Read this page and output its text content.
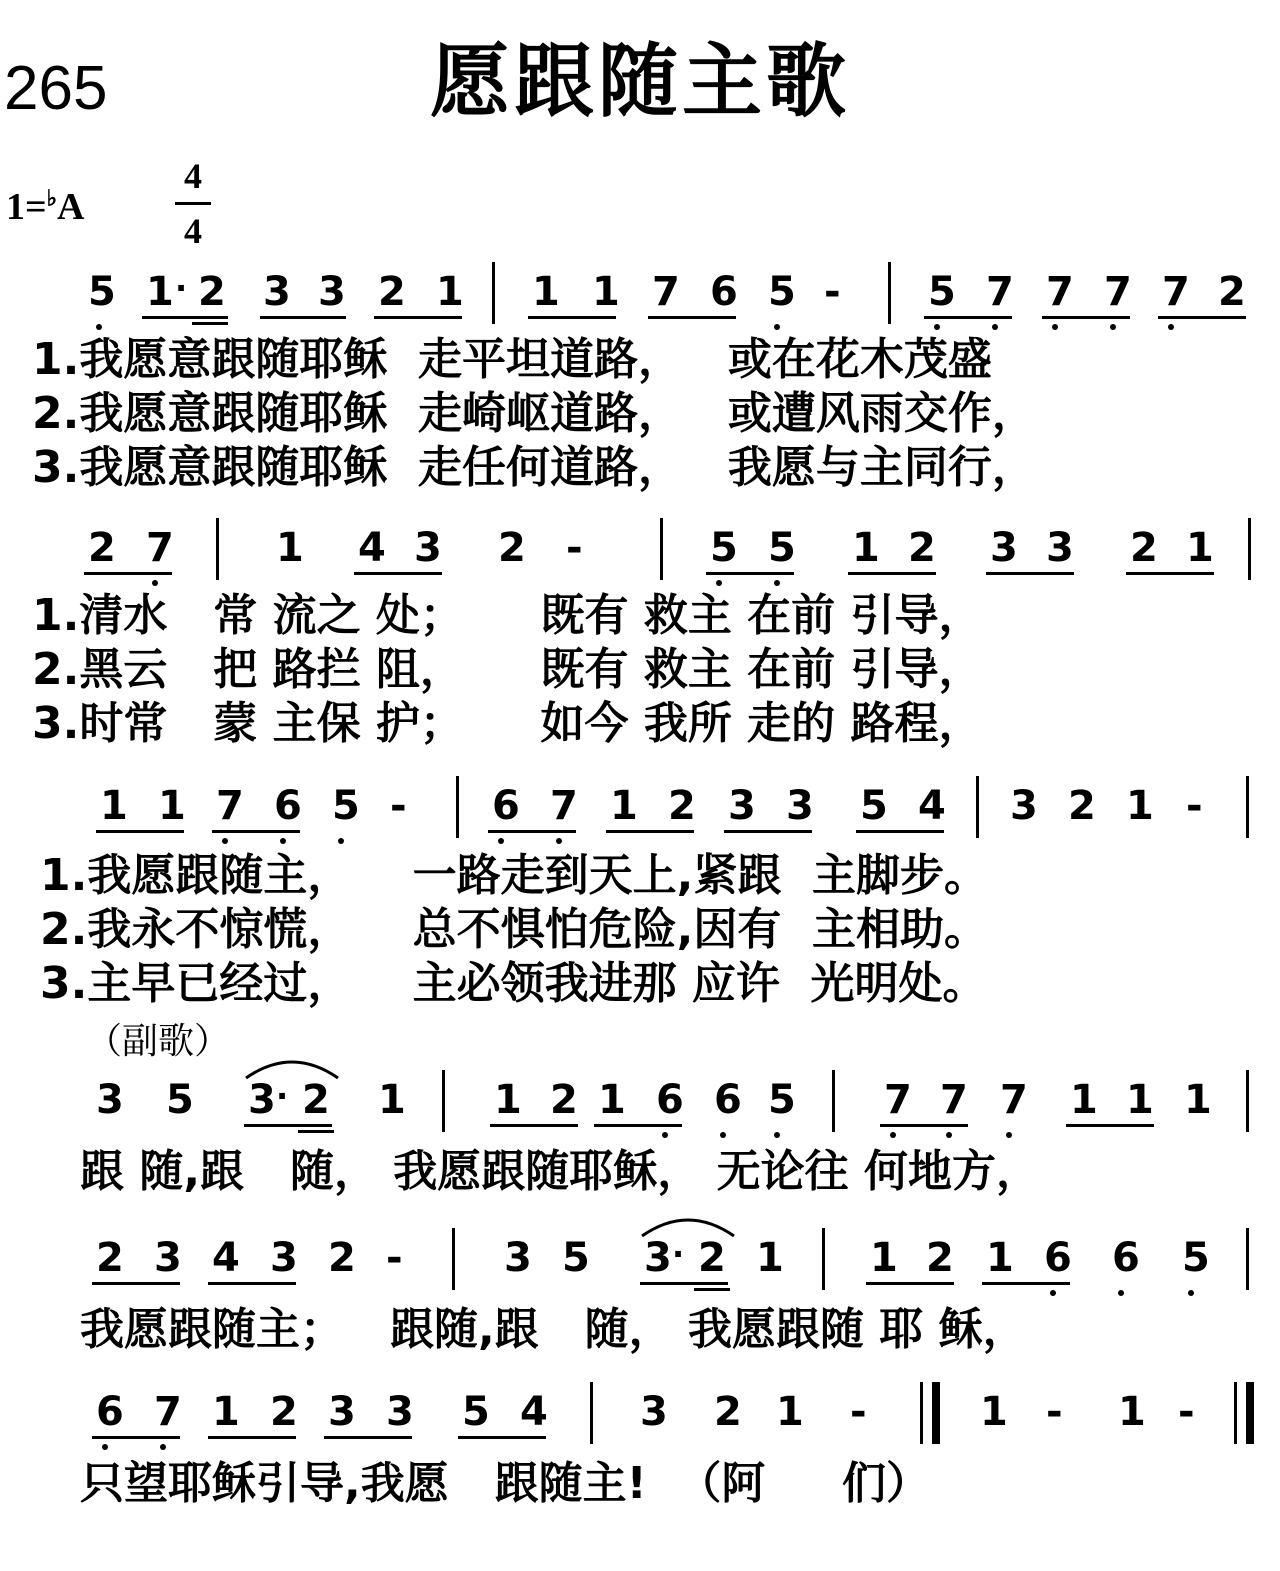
265	愿跟随主歌
1=♭A
4
4
5 1 · 2 3 3 2 1 1 1 7 6 5 - 5 7 7 7 7 2
1.我愿意跟随耶稣  走平坦道路，   或在花木茂盛
2.我愿意跟随耶稣  走崎岖道路，   或遭风雨交作，
3.我愿意跟随耶稣  走任何道路，   我愿与主同行，
2 7	1 4 3 2 -	5 5 1 2 3 3 2 1
1.清水   常 流之 处；     既有 救主 在前 引导，
2.黑云   把 路拦 阻，     既有 救主 在前 引导，
3.时常   蒙 主保 护；     如今 我所 走的 路程，
1 1 7 6 5 - 6 7 1 2 3 3 5 4 3 2 1 -
1.我愿跟随主，    一路走到天上,紧跟  主脚步。
2.我永不惊慌，    总不惧怕危险,因有  主相助。
3.主早已经过，    主必领我进那 应许  光明处。
（副歌）
3 5 3 · 2 1 1 2 1 6 6 5 7 7 7 1 1 1
跟 随,跟   随， 我愿跟随耶稣， 无论往 何地方，
2 3 4 3 2 -	3 5 3 · 2 1 1 2 1 6 6 5
我愿跟随主；   跟随,跟   随， 我愿跟随 耶 稣，
6 7 1 2 3 3 5 4 3 2 1 -	1 - 1 -
只望耶稣引导,我愿   跟随主!  （阿     们）
